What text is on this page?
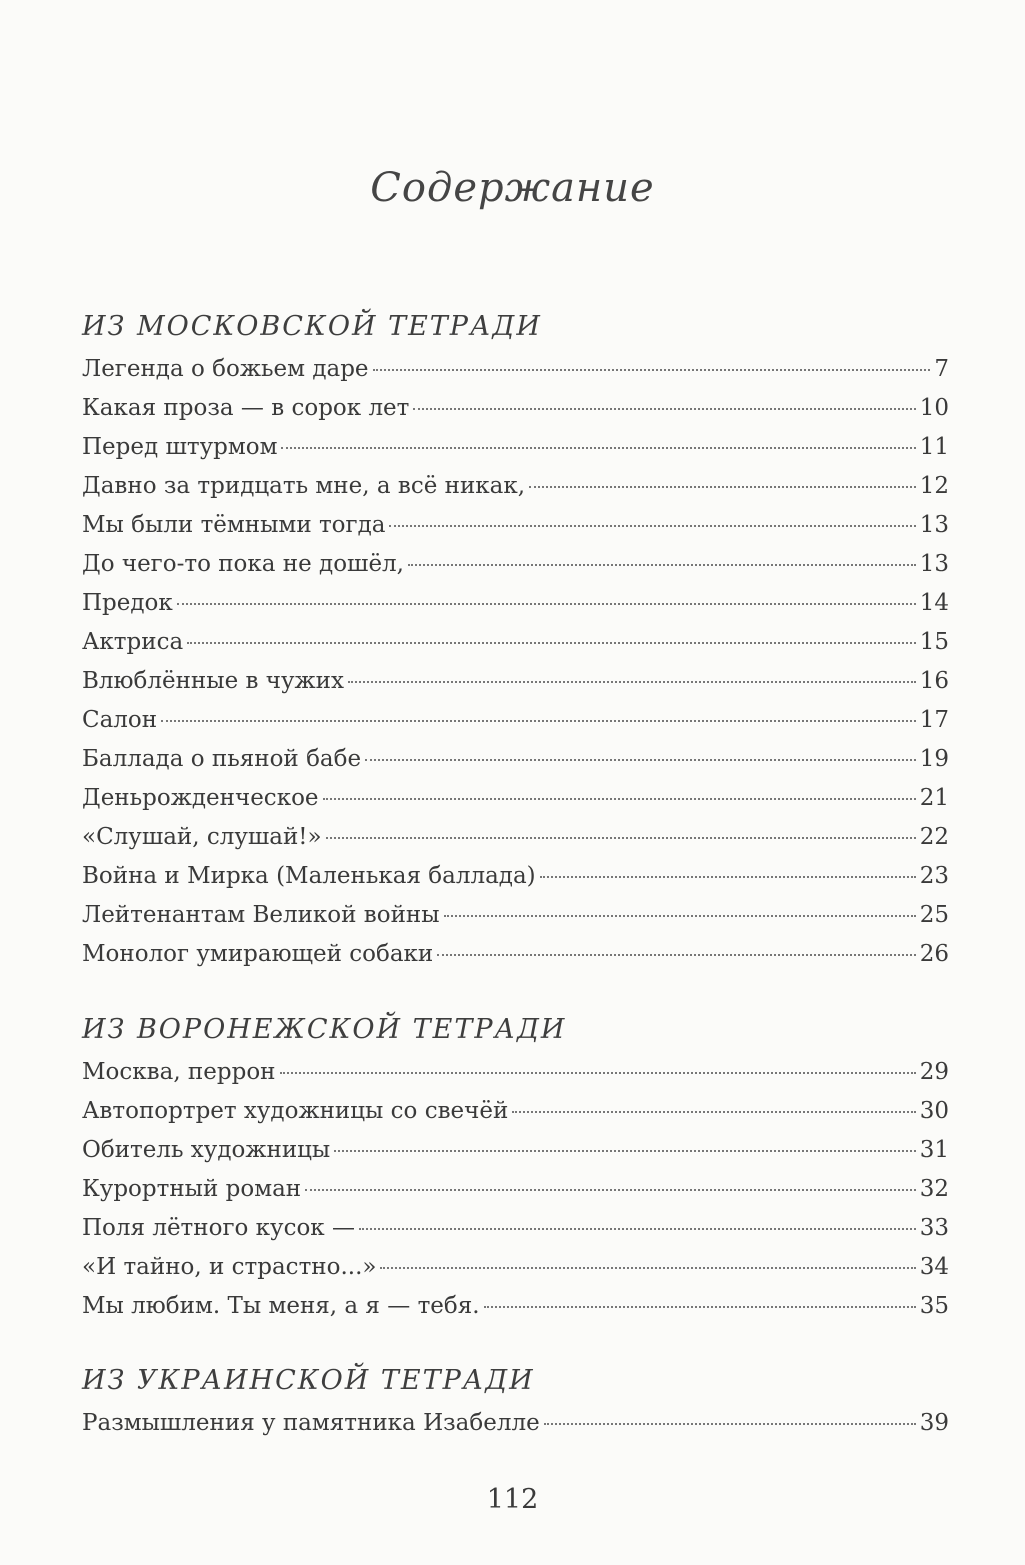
Содержание
ИЗ МОСКОВСКОЙ ТЕТРАДИ
Легенда о божьем даре	7
Какая проза — в сорок лет	10
Перед штурмом	11
Давно за тридцать мне, а всё никак,	12
Мы были тёмными тогда	13
До чего-то пока не дошёл,	13
Предок	14
Актриса	15
Влюблённые в чужих	16
Салон	17
Баллада о пьяной бабе	19
Деньрожденческое	21
«Слушай, слушай!»	22
Война и Мирка (Маленькая баллада)	23
Лейтенантам Великой войны	25
Монолог умирающей собаки	26
ИЗ ВОРОНЕЖСКОЙ ТЕТРАДИ
Москва, перрон	29
Автопортрет художницы со свечёй	30
Обитель художницы	31
Курортный роман	32
Поля лётного кусок —	33
«И тайно, и страстно...»	34
Мы любим. Ты меня, а я — тебя.	35
ИЗ УКРАИНСКОЙ ТЕТРАДИ
Размышления у памятника Изабелле	39
112
